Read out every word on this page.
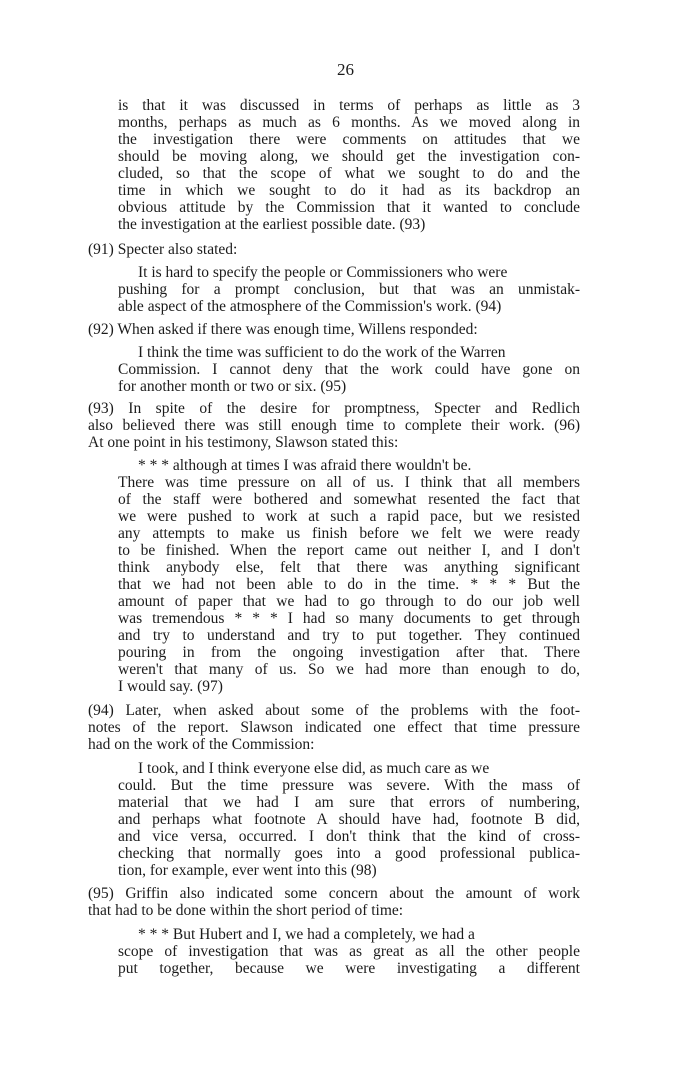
26
is that it was discussed in terms of perhaps as little as 3
months, perhaps as much as 6 months. As we moved along in
the investigation there were comments on attitudes that we
should be moving along, we should get the investigation con-
cluded, so that the scope of what we sought to do and the
time in which we sought to do it had as its backdrop an
obvious attitude by the Commission that it wanted to conclude
the investigation at the earliest possible date. (93)
(91) Specter also stated:
It is hard to specify the people or Commissioners who were
pushing for a prompt conclusion, but that was an unmistak-
able aspect of the atmosphere of the Commission's work. (94)
(92) When asked if there was enough time, Willens responded:
I think the time was sufficient to do the work of the Warren
Commission. I cannot deny that the work could have gone on
for another month or two or six. (95)
(93) In spite of the desire for promptness, Specter and Redlich
also believed there was still enough time to complete their work. (96)
At one point in his testimony, Slawson stated this:
* * * although at times I was afraid there wouldn't be.
There was time pressure on all of us. I think that all members
of the staff were bothered and somewhat resented the fact that
we were pushed to work at such a rapid pace, but we resisted
any attempts to make us finish before we felt we were ready
to be finished. When the report came out neither I, and I don't
think anybody else, felt that there was anything significant
that we had not been able to do in the time. * * * But the
amount of paper that we had to go through to do our job well
was tremendous * * * I had so many documents to get through
and try to understand and try to put together. They continued
pouring in from the ongoing investigation after that. There
weren't that many of us. So we had more than enough to do,
I would say. (97)
(94) Later, when asked about some of the problems with the foot-
notes of the report. Slawson indicated one effect that time pressure
had on the work of the Commission:
I took, and I think everyone else did, as much care as we
could. But the time pressure was severe. With the mass of
material that we had I am sure that errors of numbering,
and perhaps what footnote A should have had, footnote B did,
and vice versa, occurred. I don't think that the kind of cross-
checking that normally goes into a good professional publica-
tion, for example, ever went into this (98)
(95) Griffin also indicated some concern about the amount of work
that had to be done within the short period of time:
* * * But Hubert and I, we had a completely, we had a
scope of investigation that was as great as all the other people
put together, because we were investigating a different
